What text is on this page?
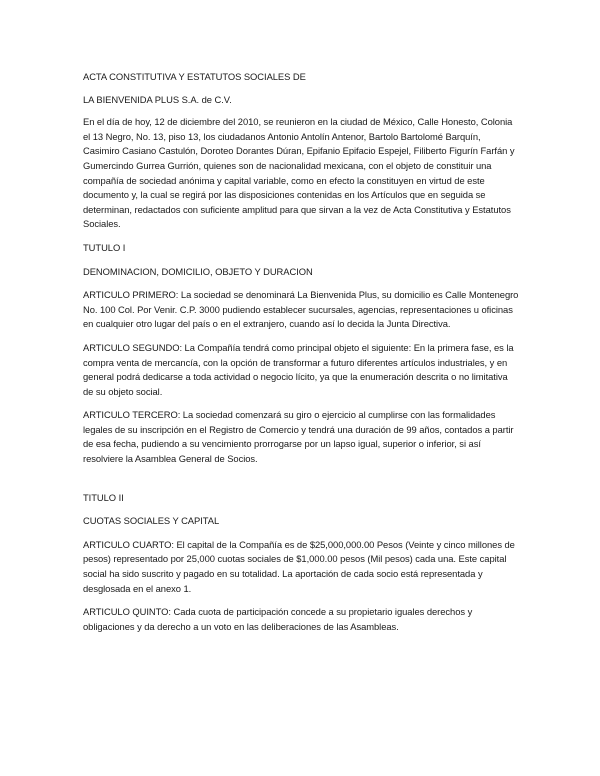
ACTA CONSTITUTIVA Y ESTATUTOS SOCIALES DE

LA BIENVENIDA PLUS S.A. de C.V.

En el día de hoy, 12 de diciembre del 2010, se reunieron en la ciudad de México, Calle Honesto, Colonia el 13 Negro, No. 13, piso 13, los ciudadanos Antonio Antolín Antenor, Bartolo Bartolomé Barquín, Casimiro Casiano Castulón, Doroteo Dorantes Dúran, Epifanio Epifacio Espejel, Filiberto Figurín Farfán y Gumercindo Gurrea Gurrión, quienes son de nacionalidad mexicana, con el objeto de constituir una compañía de sociedad anónima y capital variable, como en efecto la constituyen en virtud de este documento y, la cual se regirá por las disposiciones contenidas en los Artículos que en seguida se determinan, redactados con suficiente amplitud para que sirvan a la vez de Acta Constitutiva y Estatutos Sociales.

TUTULO I

DENOMINACION, DOMICILIO, OBJETO Y DURACION

ARTICULO PRIMERO: La sociedad se denominará La Bienvenida Plus, su domicilio es Calle Montenegro No. 100 Col. Por Venir. C.P. 3000 pudiendo establecer sucursales, agencias, representaciones u oficinas en cualquier otro lugar del país o en el extranjero, cuando así lo decida la Junta Directiva.

ARTICULO SEGUNDO: La Compañía tendrá como principal objeto el siguiente: En la primera fase, es la compra venta de mercancía, con la opción de transformar a futuro diferentes artículos industriales, y en general podrá dedicarse a toda actividad o negocio lícito, ya que la enumeración descrita o no limitativa de su objeto social.

ARTICULO TERCERO: La sociedad comenzará su giro o ejercicio al cumplirse con las formalidades legales de su inscripción en el Registro de Comercio y tendrá una duración de 99 años, contados a partir de esa fecha, pudiendo a su vencimiento prorrogarse por un lapso igual, superior o inferior, si así resolviere la Asamblea General de Socios.

TITULO II

CUOTAS SOCIALES Y CAPITAL

ARTICULO CUARTO: El capital de la Compañía es de $25,000,000.00 Pesos (Veinte y cinco millones de pesos) representado por 25,000 cuotas sociales de $1,000.00 pesos (Mil pesos) cada una. Este capital social ha sido suscrito y pagado en su totalidad. La aportación de cada socio está representada y desglosada en el anexo 1.

ARTICULO QUINTO: Cada cuota de participación concede a su propietario iguales derechos y obligaciones y da derecho a un voto en las deliberaciones de las Asambleas.
